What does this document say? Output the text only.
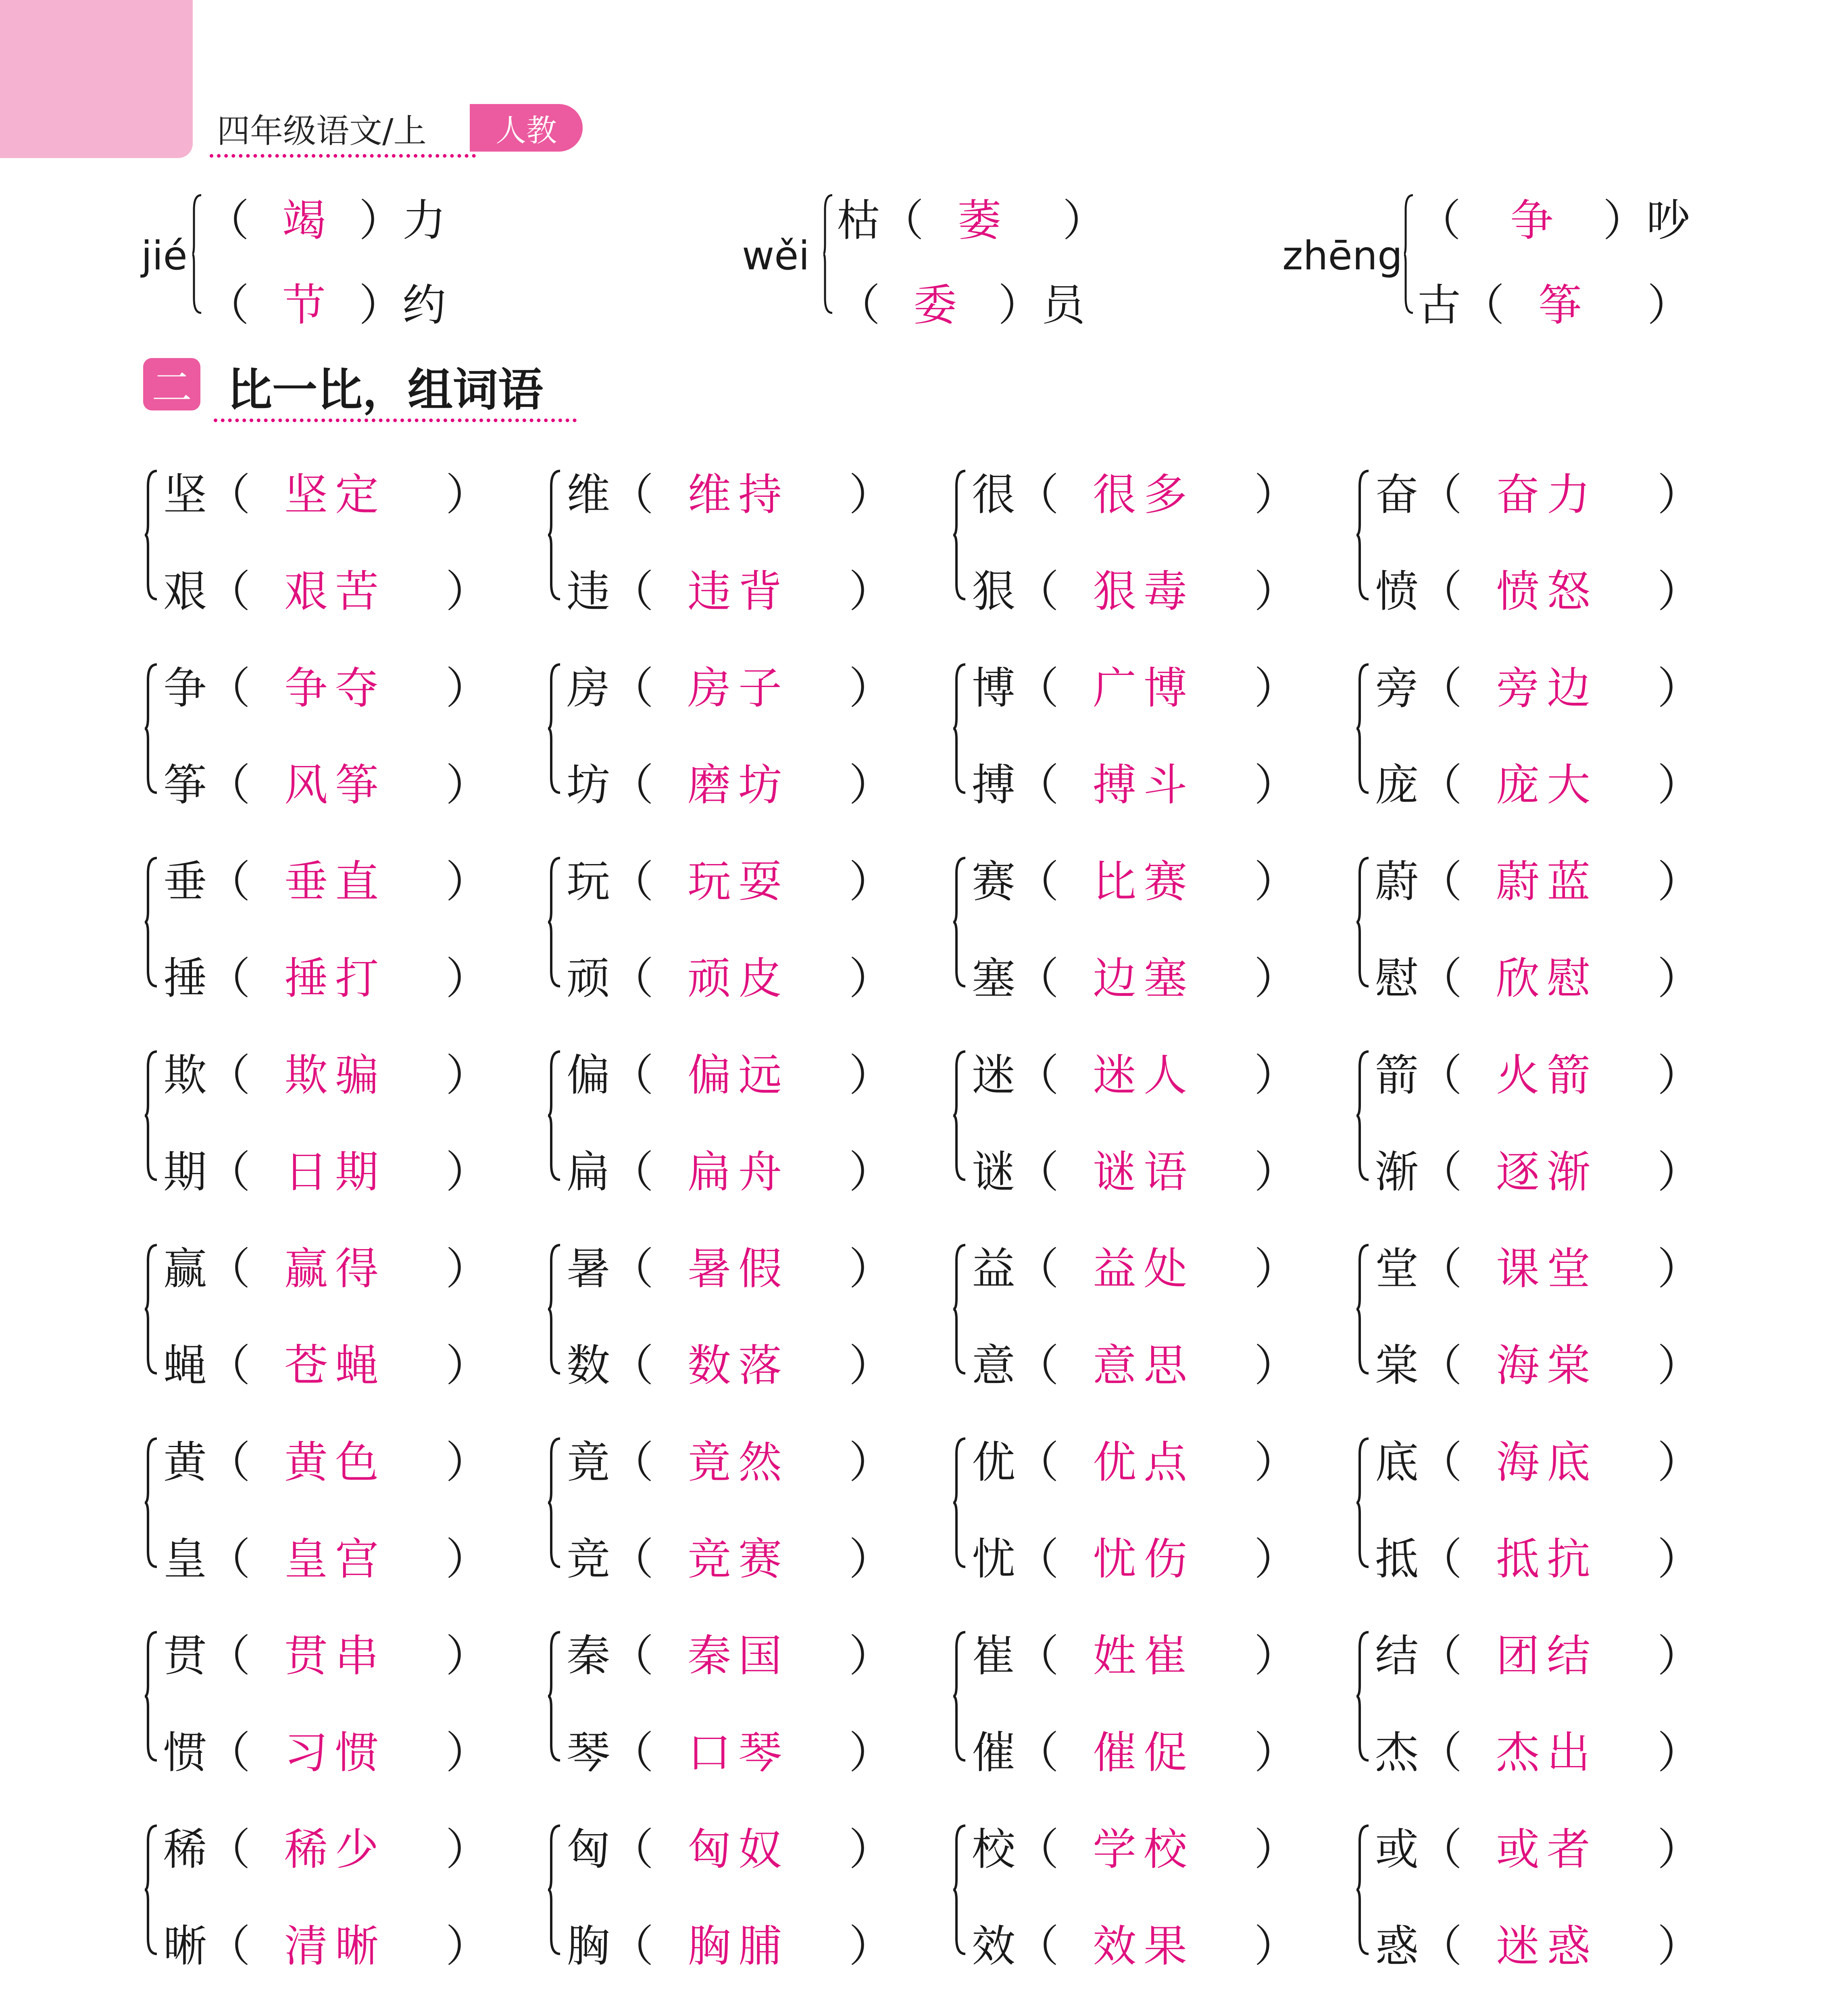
四年级语文/上	人教
jié
（ 竭 ）力
（ 节 ）约
wěi
枯（ 萎 ）
（ 委 ）员
zhēng
（ 争 ）吵
古（ 筝 ）
二 比一比，组词语
坚 （ 坚定 ）
艰 （ 艰苦 ）
维 （ 维持 ）
违 （ 违背 ）
很 （ 很多 ）
狠 （ 狠毒 ）
奋 （ 奋力 ）
愤 （ 愤怒 ）
争 （ 争夺 ）
筝 （ 风筝 ）
房 （ 房子 ）
坊 （ 磨坊 ）
博 （ 广博 ）
搏 （ 搏斗 ）
旁 （ 旁边 ）
庞 （ 庞大 ）
垂 （ 垂直 ）
捶 （ 捶打 ）
玩 （ 玩耍 ）
顽 （ 顽皮 ）
赛 （ 比赛 ）
塞 （ 边塞 ）
蔚 （ 蔚蓝 ）
慰 （ 欣慰 ）
欺 （ 欺骗 ）
期 （ 日期 ）
偏 （ 偏远 ）
扁 （ 扁舟 ）
迷 （ 迷人 ）
谜 （ 谜语 ）
箭 （ 火箭 ）
渐 （ 逐渐 ）
赢 （ 赢得 ）
蝇 （ 苍蝇 ）
暑 （ 暑假 ）
数 （ 数落 ）
益 （ 益处 ）
意 （ 意思 ）
堂 （ 课堂 ）
棠 （ 海棠 ）
黄 （ 黄色 ）
皇 （ 皇宫 ）
竟 （ 竟然 ）
竞 （ 竞赛 ）
优 （ 优点 ）
忧 （ 忧伤 ）
底 （ 海底 ）
抵 （ 抵抗 ）
贯 （ 贯串 ）
惯 （ 习惯 ）
秦 （ 秦国 ）
琴 （ 口琴 ）
崔 （ 姓崔 ）
催 （ 催促 ）
结 （ 团结 ）
杰 （ 杰出 ）
稀 （ 稀少 ）
晰 （ 清晰 ）
匈 （ 匈奴 ）
胸 （ 胸脯 ）
校 （ 学校 ）
效 （ 效果 ）
或 （ 或者 ）
惑 （ 迷惑 ）
